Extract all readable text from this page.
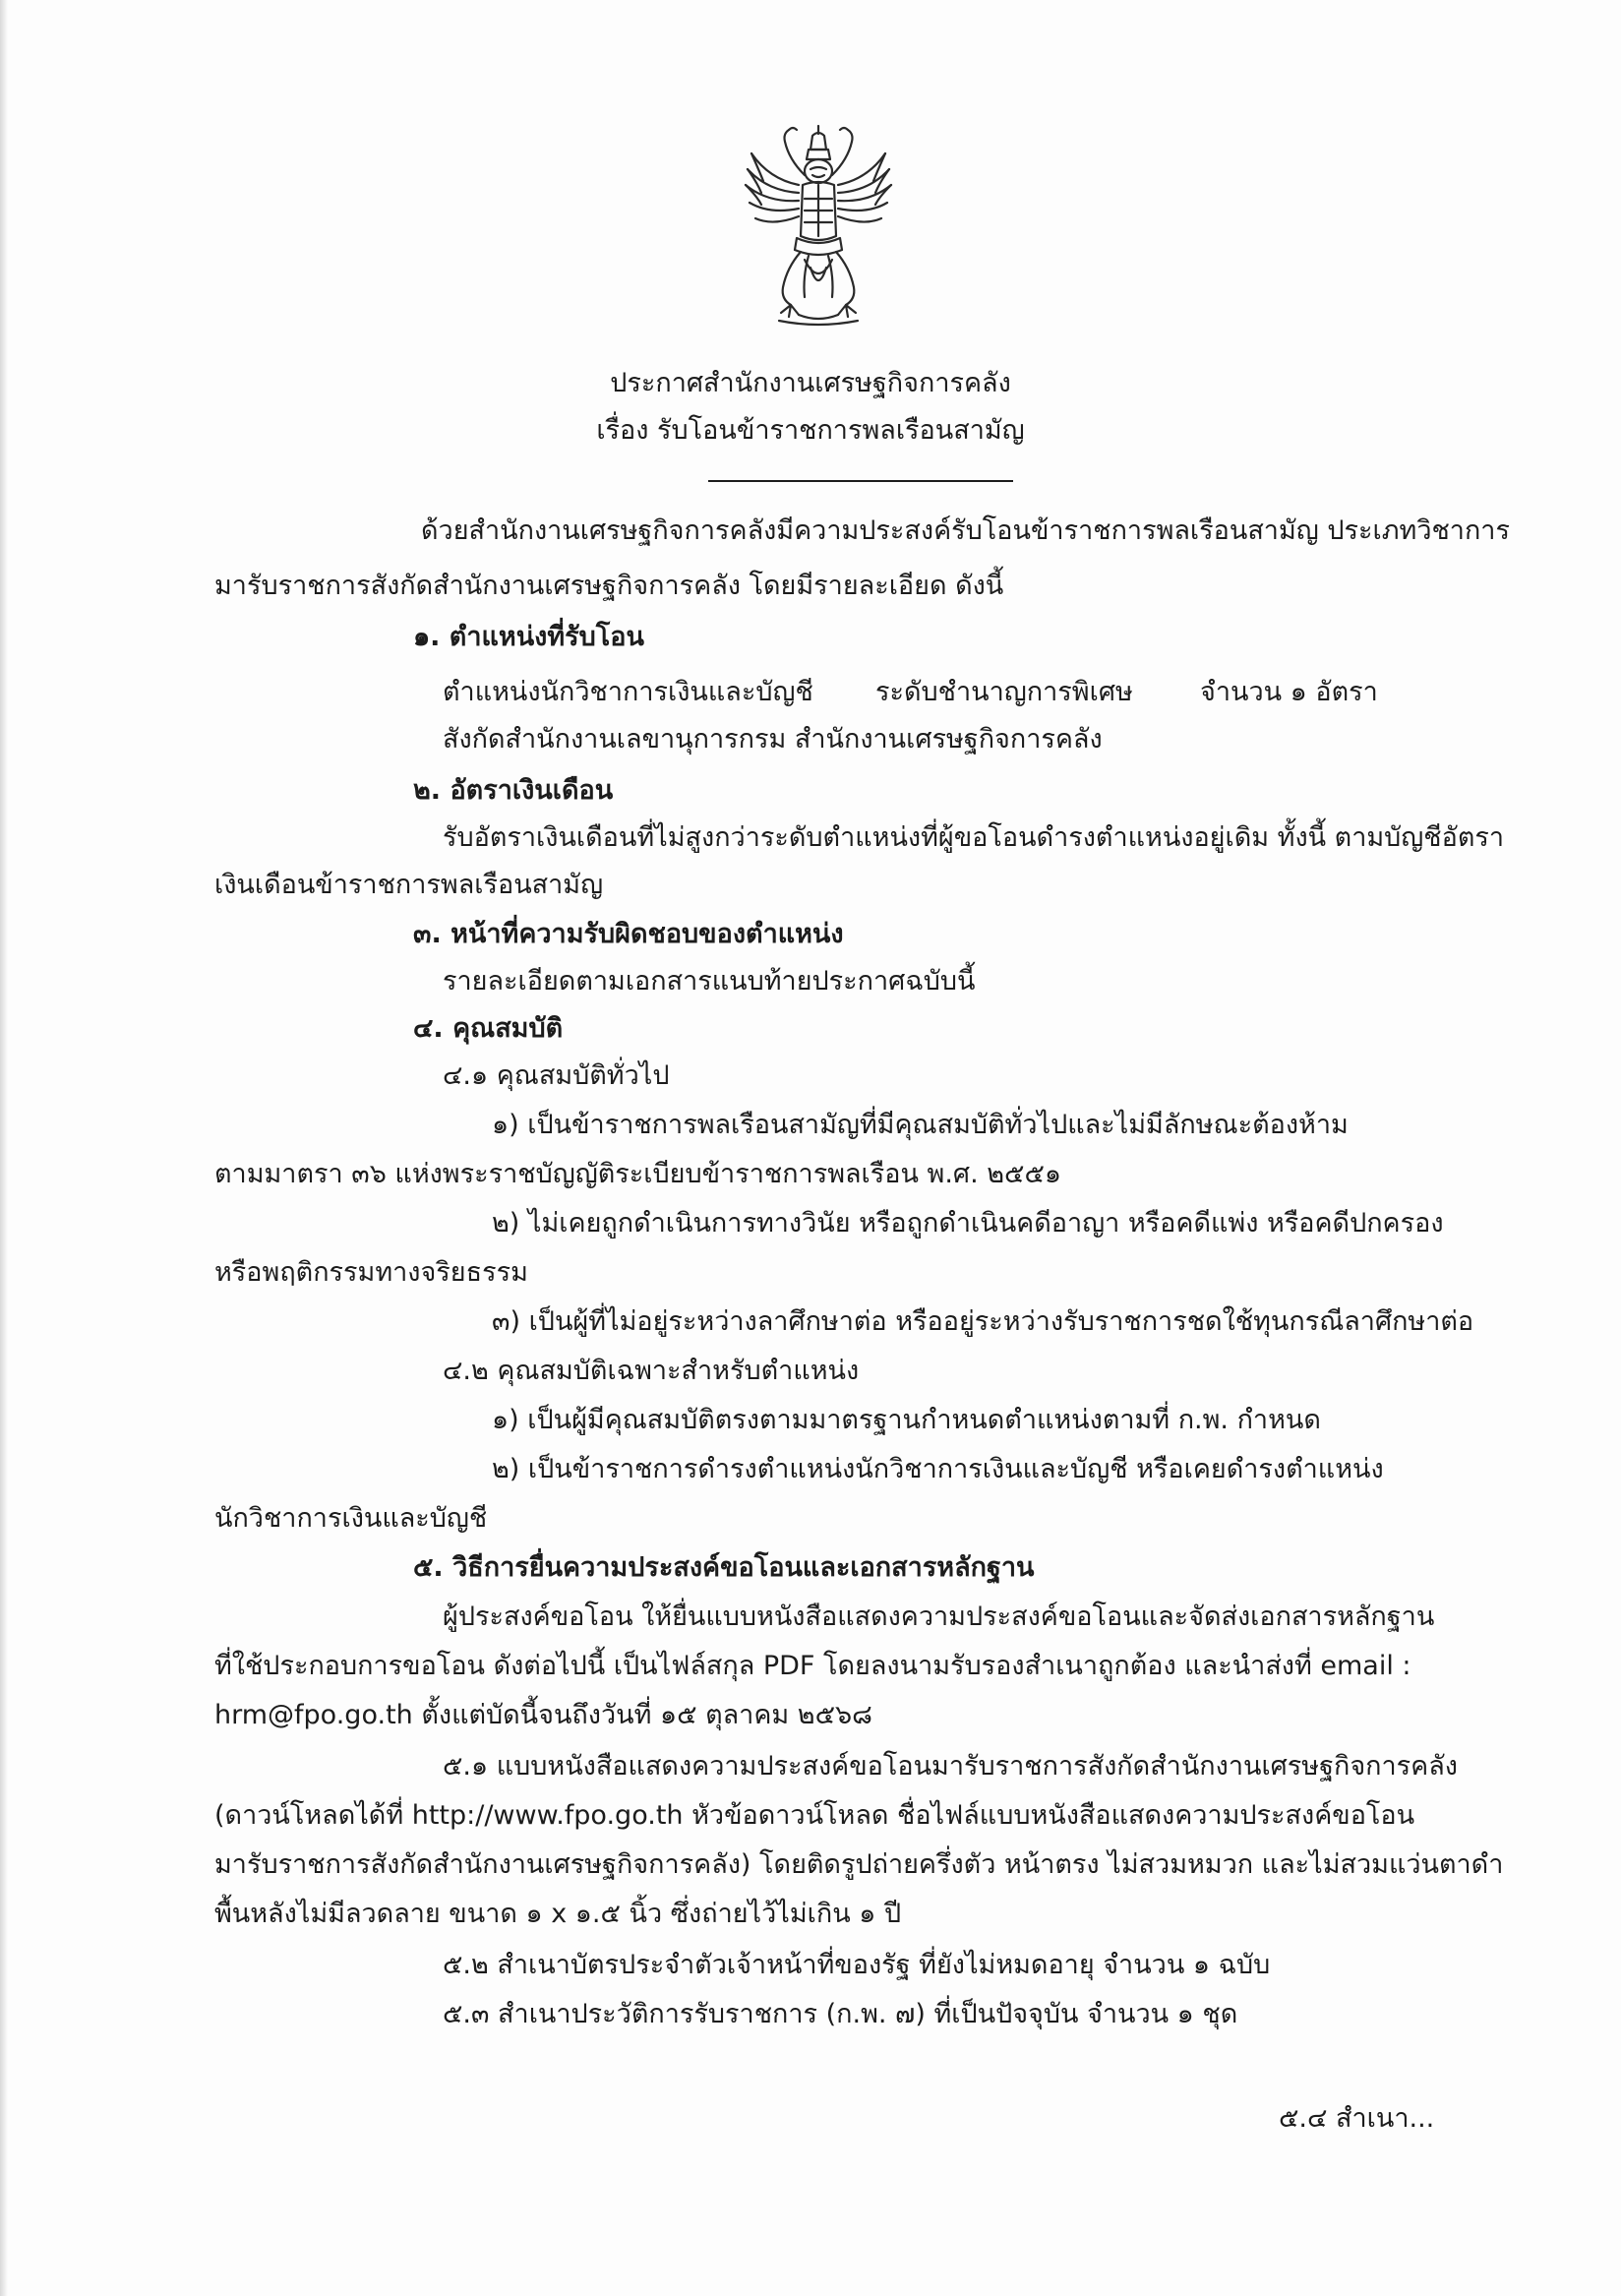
ประกาศสำนักงานเศรษฐกิจการคลัง
เรื่อง รับโอนข้าราชการพลเรือนสามัญ
ด้วยสำนักงานเศรษฐกิจการคลังมีความประสงค์รับโอนข้าราชการพลเรือนสามัญ ประเภทวิชาการ
มารับราชการสังกัดสำนักงานเศรษฐกิจการคลัง โดยมีรายละเอียด ดังนี้
๑. ตำแหน่งที่รับโอน
ตำแหน่งนักวิชาการเงินและบัญชี ระดับชำนาญการพิเศษ	จำนวน ๑ อัตรา
สังกัดสำนักงานเลขานุการกรม สำนักงานเศรษฐกิจการคลัง
๒. อัตราเงินเดือน
รับอัตราเงินเดือนที่ไม่สูงกว่าระดับตำแหน่งที่ผู้ขอโอนดำรงตำแหน่งอยู่เดิม ทั้งนี้ ตามบัญชีอัตรา
เงินเดือนข้าราชการพลเรือนสามัญ
๓. หน้าที่ความรับผิดชอบของตำแหน่ง
รายละเอียดตามเอกสารแนบท้ายประกาศฉบับนี้
๔. คุณสมบัติ
๔.๑ คุณสมบัติทั่วไป
๑) เป็นข้าราชการพลเรือนสามัญที่มีคุณสมบัติทั่วไปและไม่มีลักษณะต้องห้าม
ตามมาตรา ๓๖ แห่งพระราชบัญญัติระเบียบข้าราชการพลเรือน พ.ศ. ๒๕๕๑
๒) ไม่เคยถูกดำเนินการทางวินัย หรือถูกดำเนินคดีอาญา หรือคดีแพ่ง หรือคดีปกครอง
หรือพฤติกรรมทางจริยธรรม
๓) เป็นผู้ที่ไม่อยู่ระหว่างลาศึกษาต่อ หรืออยู่ระหว่างรับราชการชดใช้ทุนกรณีลาศึกษาต่อ
๔.๒ คุณสมบัติเฉพาะสำหรับตำแหน่ง
๑) เป็นผู้มีคุณสมบัติตรงตามมาตรฐานกำหนดตำแหน่งตามที่ ก.พ. กำหนด
๒) เป็นข้าราชการดำรงตำแหน่งนักวิชาการเงินและบัญชี หรือเคยดำรงตำแหน่ง
นักวิชาการเงินและบัญชี
๕. วิธีการยื่นความประสงค์ขอโอนและเอกสารหลักฐาน
ผู้ประสงค์ขอโอน ให้ยื่นแบบหนังสือแสดงความประสงค์ขอโอนและจัดส่งเอกสารหลักฐาน
ที่ใช้ประกอบการขอโอน ดังต่อไปนี้ เป็นไฟล์สกุล PDF โดยลงนามรับรองสำเนาถูกต้อง และนำส่งที่ email :
hrm@fpo.go.th ตั้งแต่บัดนี้จนถึงวันที่ ๑๕ ตุลาคม ๒๕๖๘
๕.๑ แบบหนังสือแสดงความประสงค์ขอโอนมารับราชการสังกัดสำนักงานเศรษฐกิจการคลัง
(ดาวน์โหลดได้ที่ http://www.fpo.go.th หัวข้อดาวน์โหลด ชื่อไฟล์แบบหนังสือแสดงความประสงค์ขอโอน
มารับราชการสังกัดสำนักงานเศรษฐกิจการคลัง) โดยติดรูปถ่ายครึ่งตัว หน้าตรง ไม่สวมหมวก และไม่สวมแว่นตาดำ
พื้นหลังไม่มีลวดลาย ขนาด ๑ x ๑.๕ นิ้ว ซึ่งถ่ายไว้ไม่เกิน ๑ ปี
๕.๒ สำเนาบัตรประจำตัวเจ้าหน้าที่ของรัฐ ที่ยังไม่หมดอายุ จำนวน ๑ ฉบับ
๕.๓ สำเนาประวัติการรับราชการ (ก.พ. ๗) ที่เป็นปัจจุบัน จำนวน ๑ ชุด
๕.๔ สำเนา...
